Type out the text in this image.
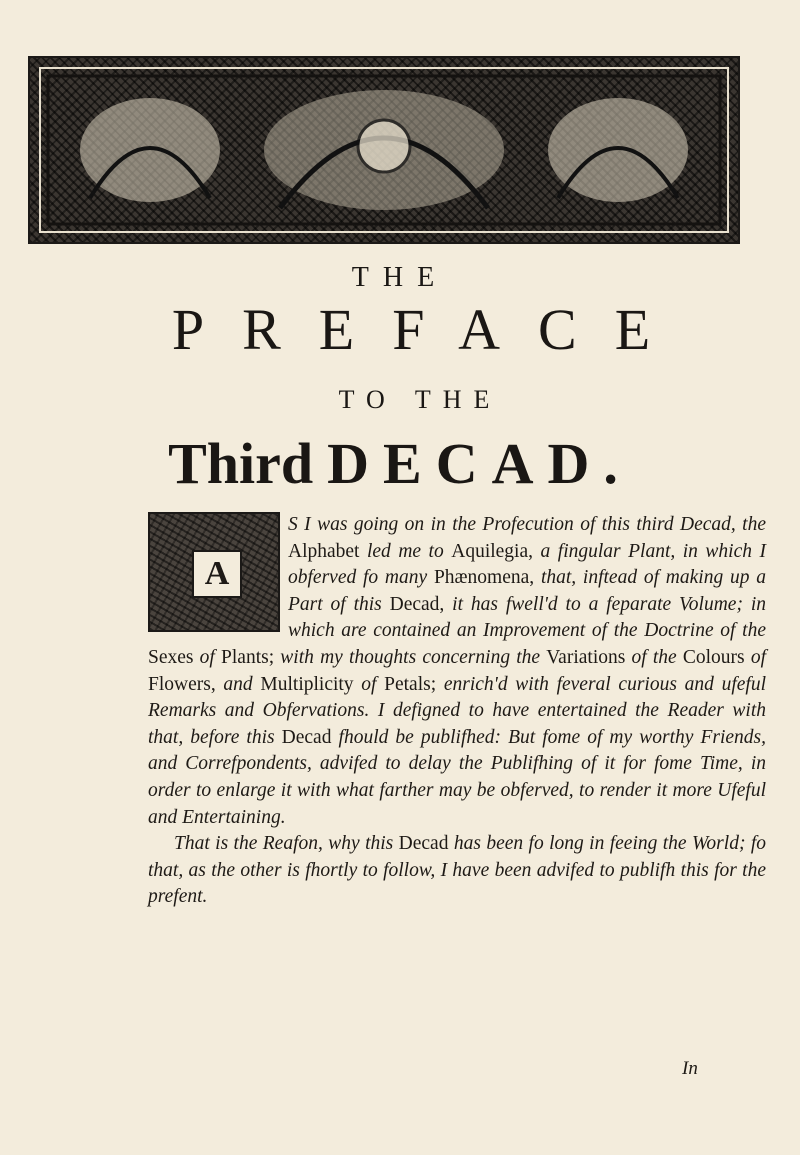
THE
PREFACE
TO THE
Third DECAD.
A

S I was going on in the Profecution of this third Decad, the Alphabet led me to Aquilegia, a fingular Plant, in which I obferved fo many Phænomena, that, inftead of making up a Part of this Decad, it has fwell'd to a feparate Volume; in which are contained an Improvement of the Doctrine of the Sexes of Plants; with my thoughts concerning the Variations of the Colours of Flowers, and Multiplicity of Petals; enrich'd with feveral curious and ufeful Remarks and Obfervations. I defigned to have entertained the Reader with that, before this Decad fhould be publifhed: But fome of my worthy Friends, and Correfpondents, advifed to delay the Publifhing of it for fome Time, in order to enlarge it with what farther may be obferved, to render it more Ufeful and Entertaining.

That is the Reafon, why this Decad has been fo long in feeing the World; fo that, as the other is fhortly to follow, I have been advifed to publifh this for the prefent.

In
